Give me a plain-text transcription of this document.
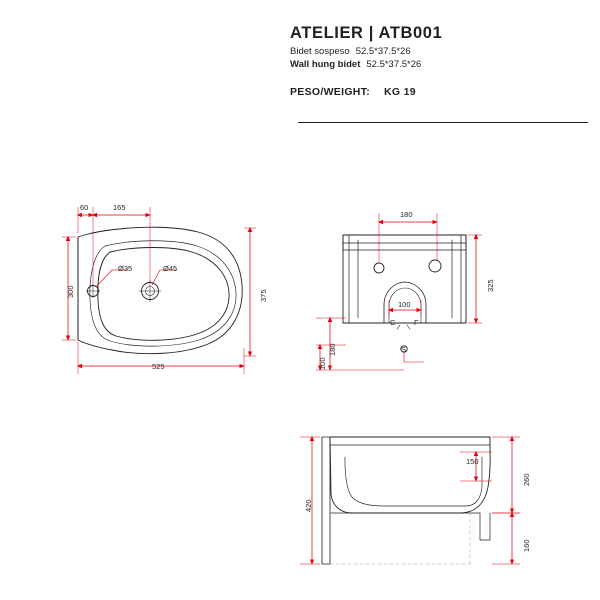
ATELIER | ATB001
Bidet sospeso 52.5*37.5*26
Wall hung bidet 52.5*37.5*26
PESO/WEIGHT: KG 19
60	165
300	375
525
Ø35	Ø45
180
100
325
180
100
C F
S
150
260
420
160
